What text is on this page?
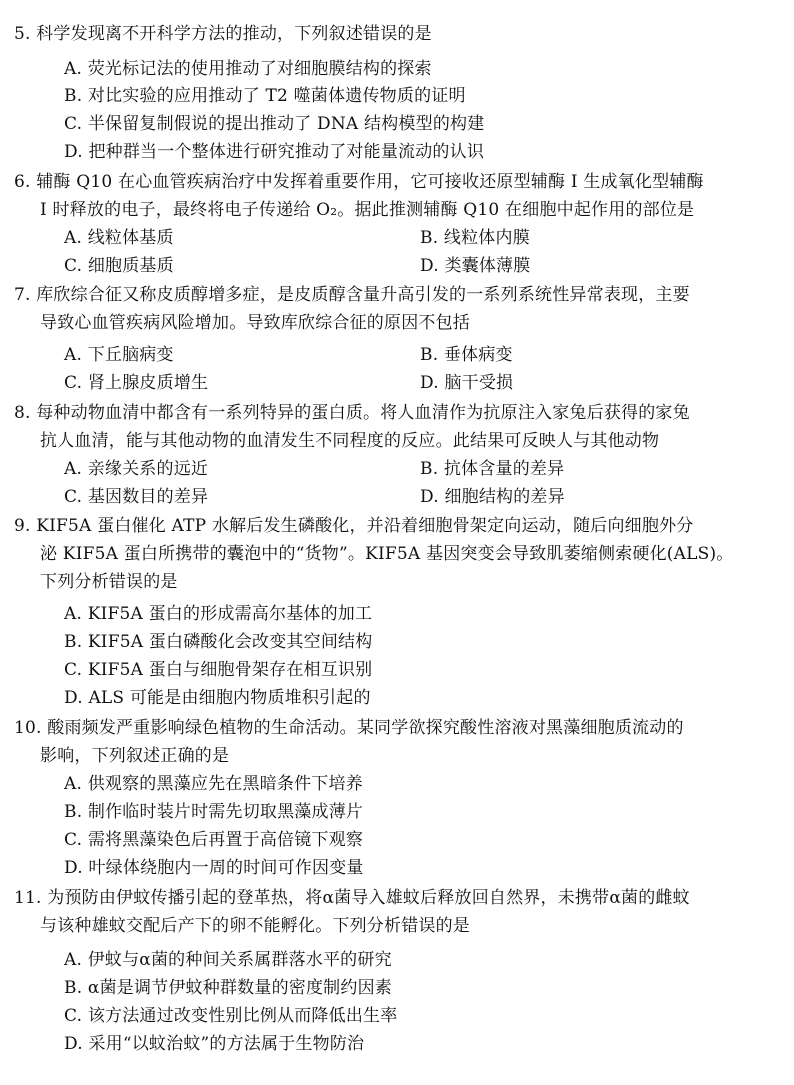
5. 科学发现离不开科学方法的推动，下列叙述错误的是
A. 荧光标记法的使用推动了对细胞膜结构的探索
B. 对比实验的应用推动了 T2 噬菌体遗传物质的证明
C. 半保留复制假说的提出推动了 DNA 结构模型的构建
D. 把种群当一个整体进行研究推动了对能量流动的认识
6. 辅酶 Q10 在心血管疾病治疗中发挥着重要作用，它可接收还原型辅酶 I 生成氧化型辅酶
I 时释放的电子，最终将电子传递给 O₂。据此推测辅酶 Q10 在细胞中起作用的部位是
A. 线粒体基质	B. 线粒体内膜
C. 细胞质基质	D. 类囊体薄膜
7. 库欣综合征又称皮质醇增多症，是皮质醇含量升高引发的一系列系统性异常表现，主要
导致心血管疾病风险增加。导致库欣综合征的原因不包括
A. 下丘脑病变	B. 垂体病变
C. 肾上腺皮质增生	D. 脑干受损
8. 每种动物血清中都含有一系列特异的蛋白质。将人血清作为抗原注入家兔后获得的家兔
抗人血清，能与其他动物的血清发生不同程度的反应。此结果可反映人与其他动物
A. 亲缘关系的远近	B. 抗体含量的差异
C. 基因数目的差异	D. 细胞结构的差异
9. KIF5A 蛋白催化 ATP 水解后发生磷酸化，并沿着细胞骨架定向运动，随后向细胞外分
泌 KIF5A 蛋白所携带的囊泡中的“货物”。KIF5A 基因突变会导致肌萎缩侧索硬化(ALS)。
下列分析错误的是
A. KIF5A 蛋白的形成需高尔基体的加工
B. KIF5A 蛋白磷酸化会改变其空间结构
C. KIF5A 蛋白与细胞骨架存在相互识别
D. ALS 可能是由细胞内物质堆积引起的
10. 酸雨频发严重影响绿色植物的生命活动。某同学欲探究酸性溶液对黑藻细胞质流动的
影响，下列叙述正确的是
A. 供观察的黑藻应先在黑暗条件下培养
B. 制作临时装片时需先切取黑藻成薄片
C. 需将黑藻染色后再置于高倍镜下观察
D. 叶绿体绕胞内一周的时间可作因变量
11. 为预防由伊蚊传播引起的登革热，将α菌导入雄蚊后释放回自然界，未携带α菌的雌蚊
与该种雄蚊交配后产下的卵不能孵化。下列分析错误的是
A. 伊蚊与α菌的种间关系属群落水平的研究
B. α菌是调节伊蚊种群数量的密度制约因素
C. 该方法通过改变性别比例从而降低出生率
D. 采用“以蚊治蚊”的方法属于生物防治
